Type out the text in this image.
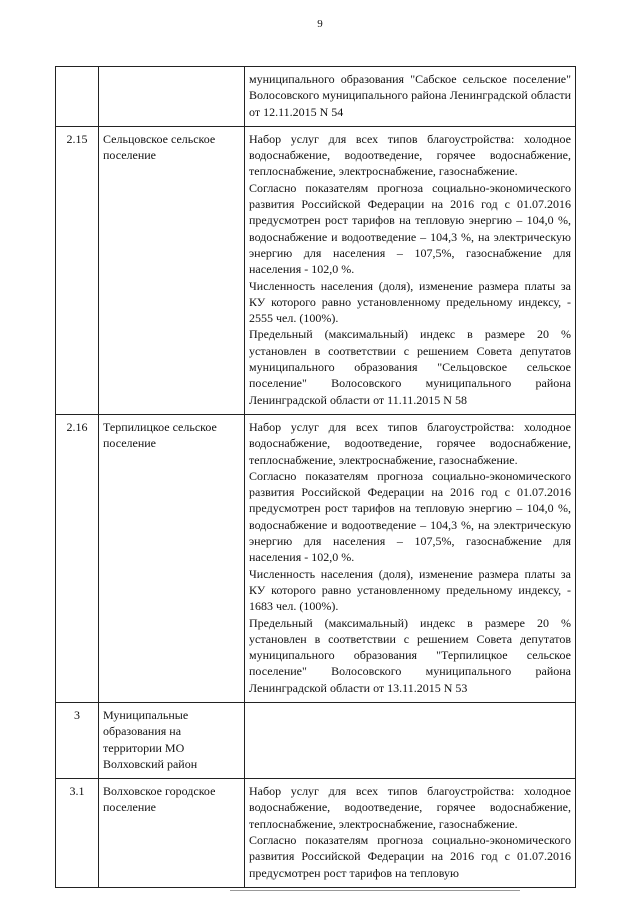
9

		муниципального образования "Сабское сельское поселение" Волосовского муниципального района Ленинградской области от 12.11.2015 N 54

2.15	Сельцовское сельское поселение	Набор услуг для всех типов благоустройства: холодное водоснабжение, водоотведение, горячее водоснабжение, теплоснабжение, электроснабжение, газоснабжение.

Согласно показателям прогноза социально-экономического развития Российской Федерации на 2016 год с 01.07.2016 предусмотрен рост тарифов на тепловую энергию – 104,0 %, водоснабжение и водоотведение – 104,3 %, на электрическую энергию для населения – 107,5%, газоснабжение для населения - 102,0 %.

Численность населения (доля), изменение размера платы за КУ которого равно установленному предельному индексу, - 2555 чел. (100%).

Предельный (максимальный) индекс в размере 20 % установлен в соответствии с решением Совета депутатов муниципального образования "Сельцовское сельское поселение" Волосовского муниципального района Ленинградской области от 11.11.2015 N 58

2.16	Терпилицкое сельское поселение	Набор услуг для всех типов благоустройства: холодное водоснабжение, водоотведение, горячее водоснабжение, теплоснабжение, электроснабжение, газоснабжение.

Согласно показателям прогноза социально-экономического развития Российской Федерации на 2016 год с 01.07.2016 предусмотрен рост тарифов на тепловую энергию – 104,0 %, водоснабжение и водоотведение – 104,3 %, на электрическую энергию для населения – 107,5%, газоснабжение для населения - 102,0 %.

Численность населения (доля), изменение размера платы за КУ которого равно установленному предельному индексу, - 1683 чел. (100%).

Предельный (максимальный) индекс в размере 20 % установлен в соответствии с решением Совета депутатов муниципального образования "Терпилицкое сельское поселение" Волосовского муниципального района Ленинградской области от 13.11.2015 N 53

3	Муниципальные образования на территории МО Волховский район	
3.1	Волховское городское поселение	Набор услуг для всех типов благоустройства: холодное водоснабжение, водоотведение, горячее водоснабжение, теплоснабжение, электроснабжение, газоснабжение.

Согласно показателям прогноза социально-экономического развития Российской Федерации на 2016 год с 01.07.2016 предусмотрен рост тарифов на тепловую
